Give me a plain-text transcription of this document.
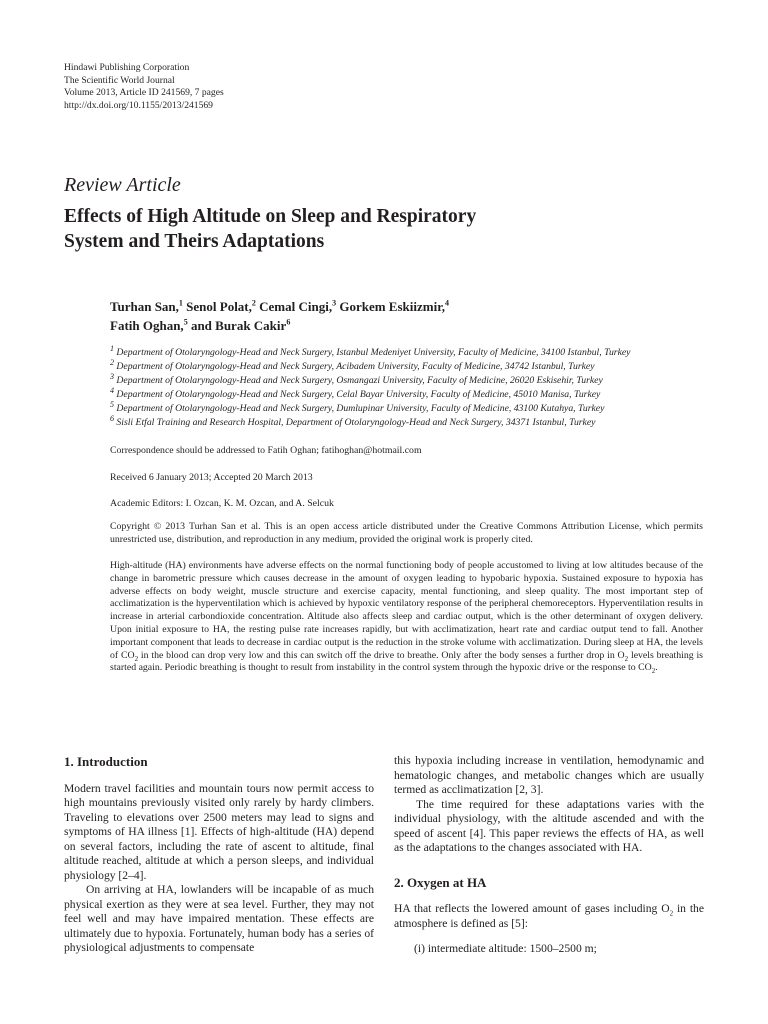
Hindawi Publishing Corporation
The Scientific World Journal
Volume 2013, Article ID 241569, 7 pages
http://dx.doi.org/10.1155/2013/241569
Review Article
Effects of High Altitude on Sleep and Respiratory
System and Theirs Adaptations
Turhan San,$^1$ Senol Polat,$^2$ Cemal Cingi,$^3$ Gorkem Eskiizmir,$^4$
Fatih Oghan,$^5$ and Burak Cakir$^6$
$^1$ Department of Otolaryngology-Head and Neck Surgery, Istanbul Medeniyet University, Faculty of Medicine, 34100 Istanbul, Turkey
$^2$ Department of Otolaryngology-Head and Neck Surgery, Acibadem University, Faculty of Medicine, 34742 Istanbul, Turkey
$^3$ Department of Otolaryngology-Head and Neck Surgery, Osmangazi University, Faculty of Medicine, 26020 Eskisehir, Turkey
$^4$ Department of Otolaryngology-Head and Neck Surgery, Celal Bayar University, Faculty of Medicine, 45010 Manisa, Turkey
$^5$ Department of Otolaryngology-Head and Neck Surgery, Dumlupinar University, Faculty of Medicine, 43100 Kutahya, Turkey
$^6$ Sisli Etfal Training and Research Hospital, Department of Otolaryngology-Head and Neck Surgery, 34371 Istanbul, Turkey
Correspondence should be addressed to Fatih Oghan; fatihoghan@hotmail.com
Received 6 January 2013; Accepted 20 March 2013
Academic Editors: I. Ozcan, K. M. Ozcan, and A. Selcuk
Copyright © 2013 Turhan San et al. This is an open access article distributed under the Creative Commons Attribution License, which permits unrestricted use, distribution, and reproduction in any medium, provided the original work is properly cited.
High-altitude (HA) environments have adverse effects on the normal functioning body of people accustomed to living at low altitudes because of the change in barometric pressure which causes decrease in the amount of oxygen leading to hypobaric hypoxia. Sustained exposure to hypoxia has adverse effects on body weight, muscle structure and exercise capacity, mental functioning, and sleep quality. The most important step of acclimatization is the hyperventilation which is achieved by hypoxic ventilatory response of the peripheral chemoreceptors. Hyperventilation results in increase in arterial carbondioxide concentration. Altitude also affects sleep and cardiac output, which is the other determinant of oxygen delivery. Upon initial exposure to HA, the resting pulse rate increases rapidly, but with acclimatization, heart rate and cardiac output tend to fall. Another important component that leads to decrease in cardiac output is the reduction in the stroke volume with acclimatization. During sleep at HA, the levels of $CO_2$ in the blood can drop very low and this can switch off the drive to breathe. Only after the body senses a further drop in $O_2$ levels breathing is started again. Periodic breathing is thought to result from instability in the control system through the hypoxic drive or the response to $CO_2$.

1. Introduction

Modern travel facilities and mountain tours now permit access to high mountains previously visited only rarely by hardy climbers. Traveling to elevations over 2500 meters may lead to signs and symptoms of HA illness [1]. Effects of high-altitude (HA) depend on several factors, including the rate of ascent to altitude, final altitude reached, altitude at which a person sleeps, and individual physiology [2–4].

On arriving at HA, lowlanders will be incapable of as much physical exertion as they were at sea level. Further, they may not feel well and may have impaired mentation. These effects are ultimately due to hypoxia. Fortunately, human body has a series of physiological adjustments to compensate

this hypoxia including increase in ventilation, hemodynamic and hematologic changes, and metabolic changes which are usually termed as acclimatization [2, 3].

The time required for these adaptations varies with the individual physiology, with the altitude ascended and with the speed of ascent [4]. This paper reviews the effects of HA, as well as the adaptations to the changes associated with HA.

2. Oxygen at HA

HA that reflects the lowered amount of gases including $O_2$ in the atmosphere is defined as [5]:

(i) intermediate altitude: 1500–2500 m;
